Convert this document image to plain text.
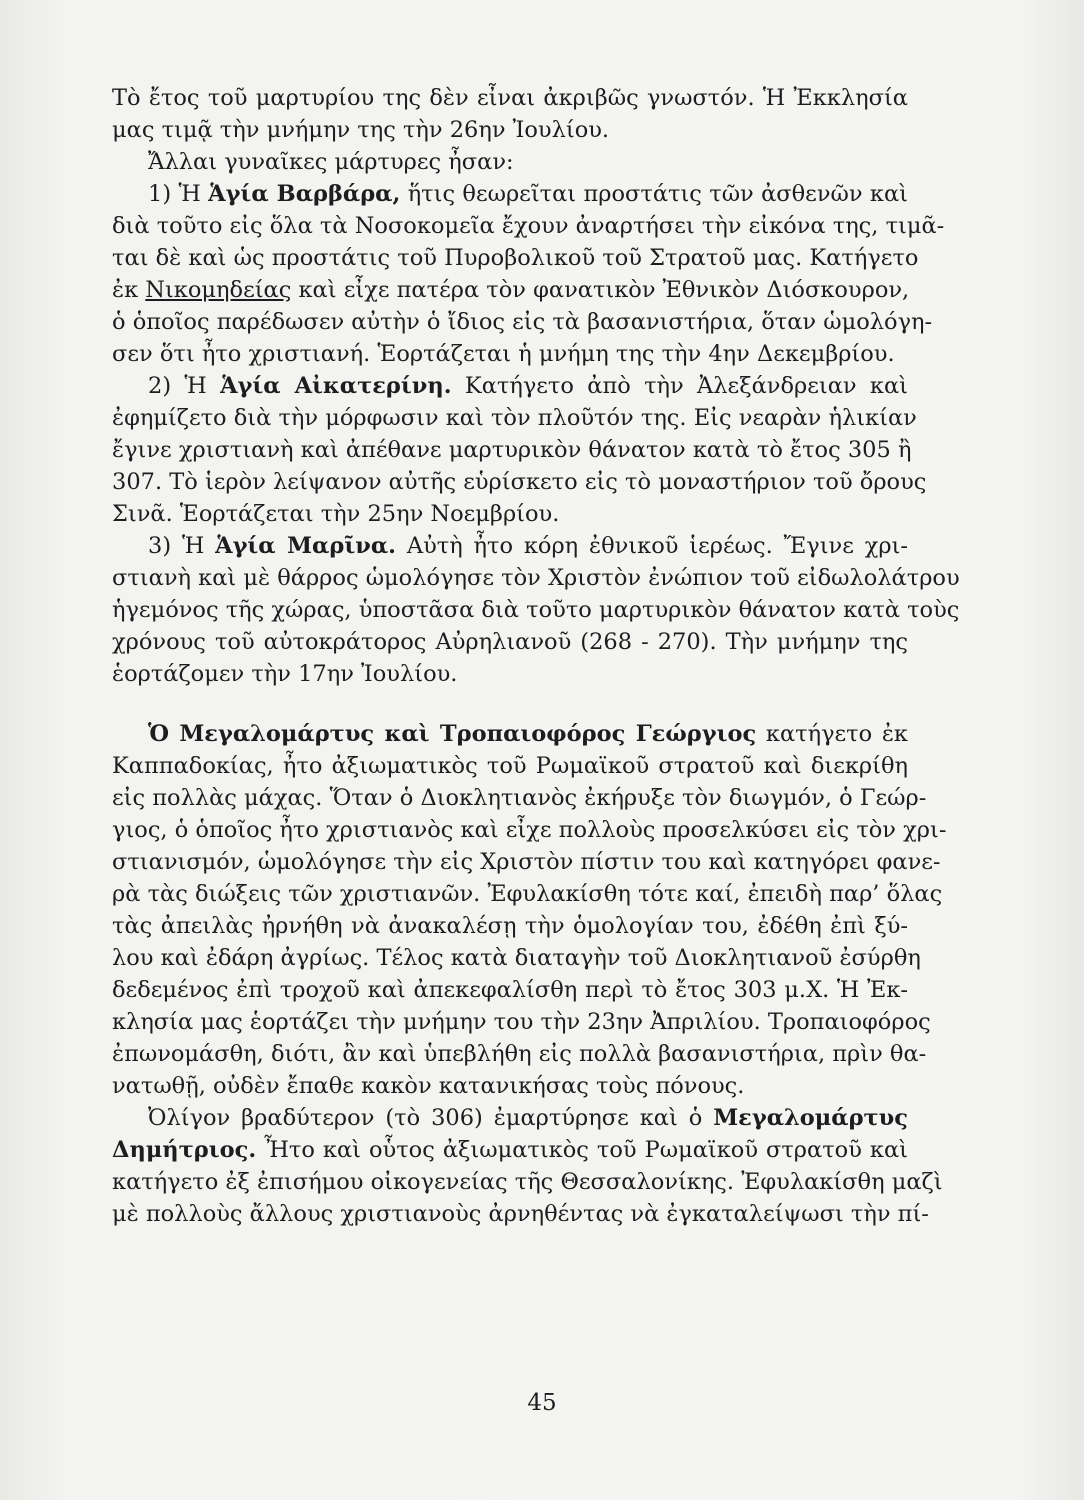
Τὸ ἔτος τοῦ μαρτυρίου της δὲν εἶναι ἀκριβῶς γνωστόν. Ἡ Ἐκκλησία
μας τιμᾷ τὴν μνήμην της τὴν 26ην Ἰουλίου.
Ἄλλαι γυναῖκες μάρτυρες ἦσαν:
1) Ἡ Ἁγία Βαρβάρα, ἥτις θεωρεῖται προστάτις τῶν ἀσθενῶν καὶ
διὰ τοῦτο εἰς ὅλα τὰ Νοσοκομεῖα ἔχουν ἀναρτήσει τὴν εἰκόνα της, τιμᾶ-
ται δὲ καὶ ὡς προστάτις τοῦ Πυροβολικοῦ τοῦ Στρατοῦ μας. Κατήγετο
ἐκ Νικομηδείας καὶ εἶχε πατέρα τὸν φανατικὸν Ἐθνικὸν Διόσκουρον,
ὁ ὁποῖος παρέδωσεν αὐτὴν ὁ ἴδιος εἰς τὰ βασανιστήρια, ὅταν ὡμολόγη-
σεν ὅτι ἦτο χριστιανή. Ἑορτάζεται ἡ μνήμη της τὴν 4ην Δεκεμβρίου.
2) Ἡ Ἁγία Αἰκατερίνη. Κατήγετο ἀπὸ τὴν Ἀλεξάνδρειαν καὶ
ἐφημίζετο διὰ τὴν μόρφωσιν καὶ τὸν πλοῦτόν της. Εἰς νεαρὰν ἡλικίαν
ἔγινε χριστιανὴ καὶ ἀπέθανε μαρτυρικὸν θάνατον κατὰ τὸ ἔτος 305 ἢ
307. Τὸ ἱερὸν λείψανον αὐτῆς εὑρίσκετο εἰς τὸ μοναστήριον τοῦ ὄρους
Σινᾶ. Ἑορτάζεται τὴν 25ην Νοεμβρίου.
3) Ἡ Ἁγία Μαρῖνα. Αὐτὴ ἦτο κόρη ἐθνικοῦ ἱερέως. Ἔγινε χρι-
στιανὴ καὶ μὲ θάρρος ὡμολόγησε τὸν Χριστὸν ἐνώπιον τοῦ εἰδωλολάτρου
ἡγεμόνος τῆς χώρας, ὑποστᾶσα διὰ τοῦτο μαρτυρικὸν θάνατον κατὰ τοὺς
χρόνους τοῦ αὐτοκράτορος Αὐρηλιανοῦ (268 - 270). Τὴν μνήμην της
ἑορτάζομεν τὴν 17ην Ἰουλίου.
Ὁ Μεγαλομάρτυς καὶ Τροπαιοφόρος Γεώργιος κατήγετο ἐκ
Καππαδοκίας, ἦτο ἀξιωματικὸς τοῦ Ρωμαϊκοῦ στρατοῦ καὶ διεκρίθη
εἰς πολλὰς μάχας. Ὅταν ὁ Διοκλητιανὸς ἐκήρυξε τὸν διωγμόν, ὁ Γεώρ-
γιος, ὁ ὁποῖος ἦτο χριστιανὸς καὶ εἶχε πολλοὺς προσελκύσει εἰς τὸν χρι-
στιανισμόν, ὡμολόγησε τὴν εἰς Χριστὸν πίστιν του καὶ κατηγόρει φανε-
ρὰ τὰς διώξεις τῶν χριστιανῶν. Ἐφυλακίσθη τότε καί, ἐπειδὴ παρ’ ὅλας
τὰς ἀπειλὰς ἠρνήθη νὰ ἀνακαλέσῃ τὴν ὁμολογίαν του, ἐδέθη ἐπὶ ξύ-
λου καὶ ἐδάρη ἀγρίως. Τέλος κατὰ διαταγὴν τοῦ Διοκλητιανοῦ ἐσύρθη
δεδεμένος ἐπὶ τροχοῦ καὶ ἀπεκεφαλίσθη περὶ τὸ ἔτος 303 μ.Χ. Ἡ Ἐκ-
κλησία μας ἑορτάζει τὴν μνήμην του τὴν 23ην Ἀπριλίου. Τροπαιοφόρος
ἐπωνομάσθη, διότι, ἂν καὶ ὑπεβλήθη εἰς πολλὰ βασανιστήρια, πρὶν θα-
νατωθῇ, οὐδὲν ἔπαθε κακὸν κατανικήσας τοὺς πόνους.
Ὀλίγον βραδύτερον (τὸ 306) ἐμαρτύρησε καὶ ὁ Μεγαλομάρτυς
Δημήτριος. Ἦτο καὶ οὗτος ἀξιωματικὸς τοῦ Ρωμαϊκοῦ στρατοῦ καὶ
κατήγετο ἐξ ἐπισήμου οἰκογενείας τῆς Θεσσαλονίκης. Ἐφυλακίσθη μαζὶ
μὲ πολλοὺς ἄλλους χριστιανοὺς ἀρνηθέντας νὰ ἐγκαταλείψωσι τὴν πί-
45
